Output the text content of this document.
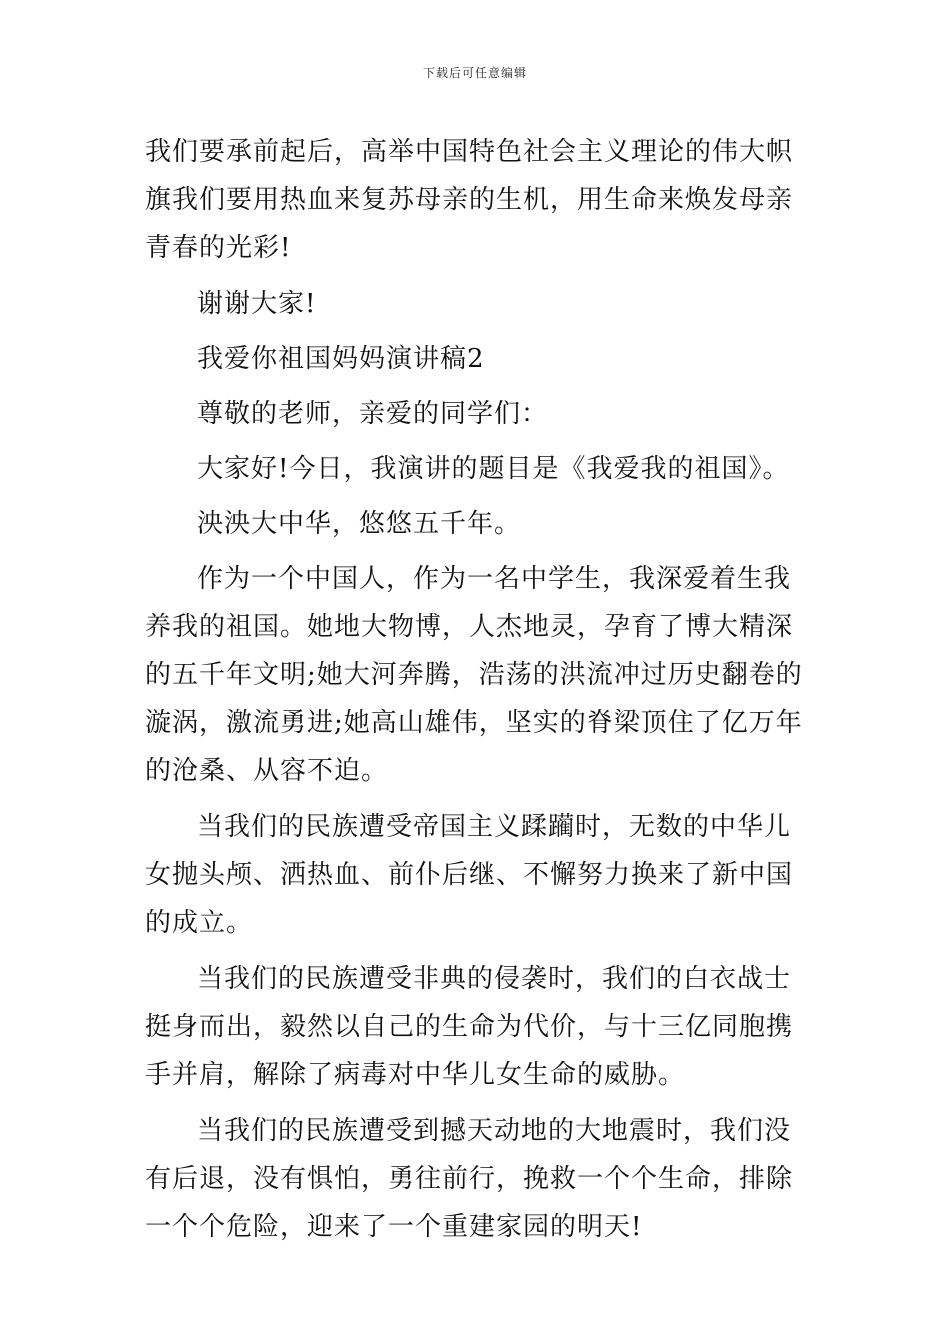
下载后可任意编辑

我们要承前起后，高举中国特色社会主义理论的伟大帜旗我们要用热血来复苏母亲的生机，用生命来焕发母亲青春的光彩!

谢谢大家!

我爱你祖国妈妈演讲稿2

尊敬的老师，亲爱的同学们：

大家好!今日，我演讲的题目是《我爱我的祖国》。

泱泱大中华，悠悠五千年。

作为一个中国人，作为一名中学生，我深爱着生我养我的祖国。她地大物博，人杰地灵，孕育了博大精深的五千年文明;她大河奔腾，浩荡的洪流冲过历史翻卷的漩涡，激流勇进;她高山雄伟，坚实的脊梁顶住了亿万年的沧桑、从容不迫。

当我们的民族遭受帝国主义蹂躏时，无数的中华儿女抛头颅、洒热血、前仆后继、不懈努力换来了新中国的成立。

当我们的民族遭受非典的侵袭时，我们的白衣战士挺身而出，毅然以自己的生命为代价，与十三亿同胞携手并肩，解除了病毒对中华儿女生命的威胁。

当我们的民族遭受到撼天动地的大地震时，我们没有后退，没有惧怕，勇往前行，挽救一个个生命，排除一个个危险，迎来了一个重建家园的明天!
